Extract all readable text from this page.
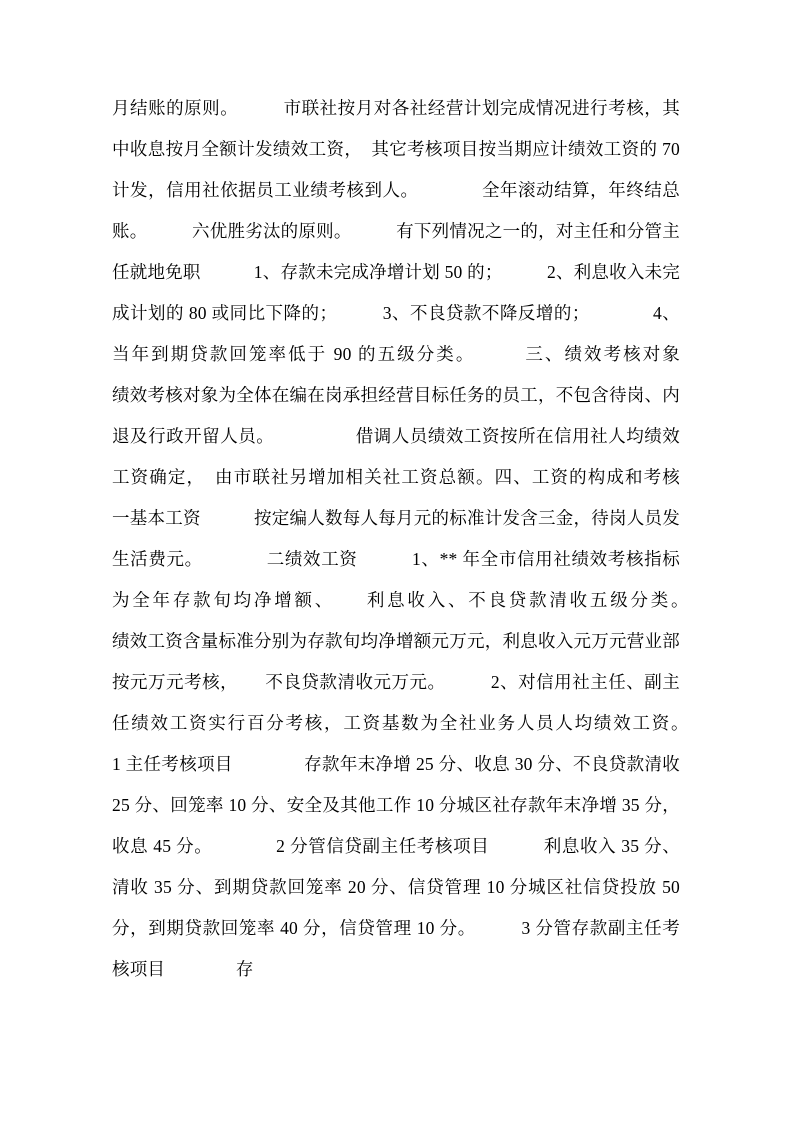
月结账的原则。　　　市联社按月对各社经营计划完成情况进行考核，其中收息按月全额计发绩效工资，　其它考核项目按当期应计绩效工资的 70 计发，信用社依据员工业绩考核到人。　　　　全年滚动结算，年终结总账。　　　六优胜劣汰的原则。　　　有下列情况之一的，对主任和分管主任就地免职　　　1、存款未完成净增计划 50 的；　　　2、利息收入未完成计划的 80 或同比下降的；　　　3、不良贷款不降反增的；　　　　4、当年到期贷款回笼率低于 90 的五级分类。　　　三、绩效考核对象　　　　绩效考核对象为全体在编在岗承担经营目标任务的员工，不包含待岗、内退及行政开留人员。　　　　　借调人员绩效工资按所在信用社人均绩效工资确定，　由市联社另增加相关社工资总额。四、工资的构成和考核　　　　一基本工资　　　按定编人数每人每月元的标准计发含三金，待岗人员发生活费元。　　　　二绩效工资　　　1、** 年全市信用社绩效考核指标为全年存款旬均净增额、　　利息收入、不良贷款清收五级分类。　　　　绩效工资含量标准分别为存款旬均净增额元万元，利息收入元万元营业部按元万元考核，　　不良贷款清收元万元。　　　2、对信用社主任、副主任绩效工资实行百分考核，工资基数为全社业务人员人均绩效工资。　　　　1 主任考核项目　　　　存款年末净增 25 分、收息 30 分、不良贷款清收 25 分、回笼率 10 分、安全及其他工作 10 分城区社存款年末净增 35 分，收息 45 分。　　　　2 分管信贷副主任考核项目　　　利息收入 35 分、清收 35 分、到期贷款回笼率 20 分、信贷管理 10 分城区社信贷投放 50 分，到期贷款回笼率 40 分，信贷管理 10 分。　　　3 分管存款副主任考核项目　　　　存
